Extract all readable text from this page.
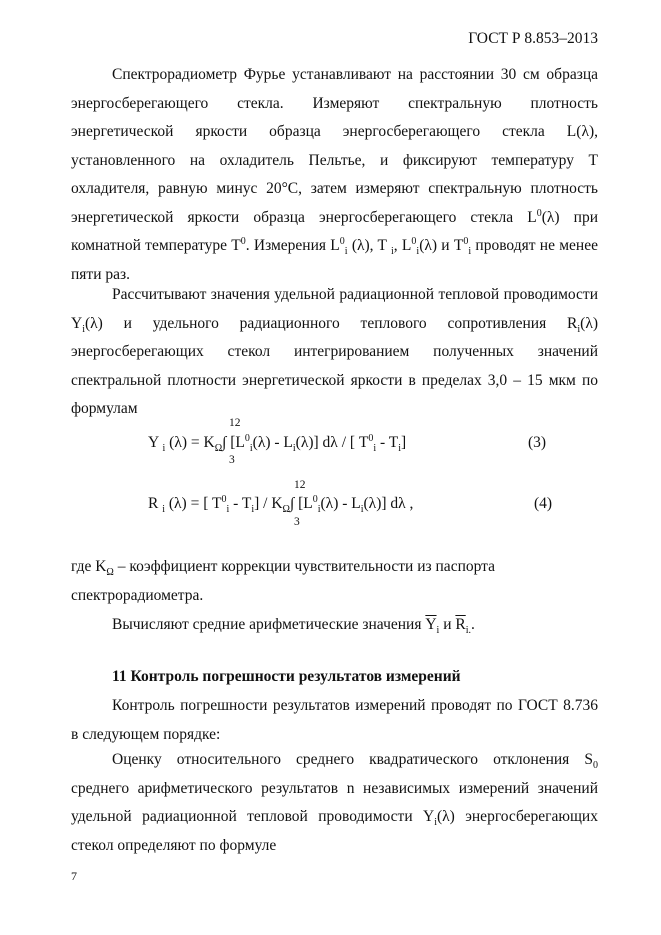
ГОСТ Р 8.853–2013

Спектрорадиометр Фурье устанавливают на расстоянии 30 см образца энергосберегающего стекла. Измеряют спектральную плотность энергетической яркости образца энергосберегающего стекла L(λ), установленного на охладитель Пельтье, и фиксируют температуру T охладителя, равную минус 20°С, затем измеряют спектральную плотность энергетической яркости образца энергосберегающего стекла $L^0(\lambda)$ при комнатной температуре $T^0$. Измерения $L^0_i$ (λ), T $_i$, $L^0_i(\lambda)$ и $T^0_i$ проводят не менее пяти раз.

Рассчитывают значения удельной радиационной тепловой проводимости $Y_i(\lambda)$ и удельного радиационного теплового сопротивления $R_i(\lambda)$ энергосберегающих стекол интегрированием полученных значений спектральной плотности энергетической яркости в пределах 3,0 – 15 мкм по формулам

12
3
Y $_i$ $(\lambda) = K_\Omega\int$ $[L^0_i(\lambda) - L_i(\lambda)]$ dλ / [ $T^0_i - T_i$]	(3)
12
3
R $_i$ (λ) = [ $T^0_i - T_i] / K_\Omega\int$ $[L^0_i(\lambda) - L_i(\lambda)]$ dλ ,	(4)

где $K_\Omega$ – коэффициент коррекции чувствительности из паспорта спектрорадиометра.

Вычисляют средние арифметические значения $\overline{Y}_i$ и $\overline{R}_{i.}$.

11 Контроль погрешности результатов измерений

Контроль погрешности результатов измерений проводят по ГОСТ 8.736 в следующем порядке:

Оценку относительного среднего квадратического отклонения $S_0$ среднего арифметического результатов n независимых измерений значений удельной радиационной тепловой проводимости $Y_i(\lambda)$ энергосберегающих стекол определяют по формуле

7
